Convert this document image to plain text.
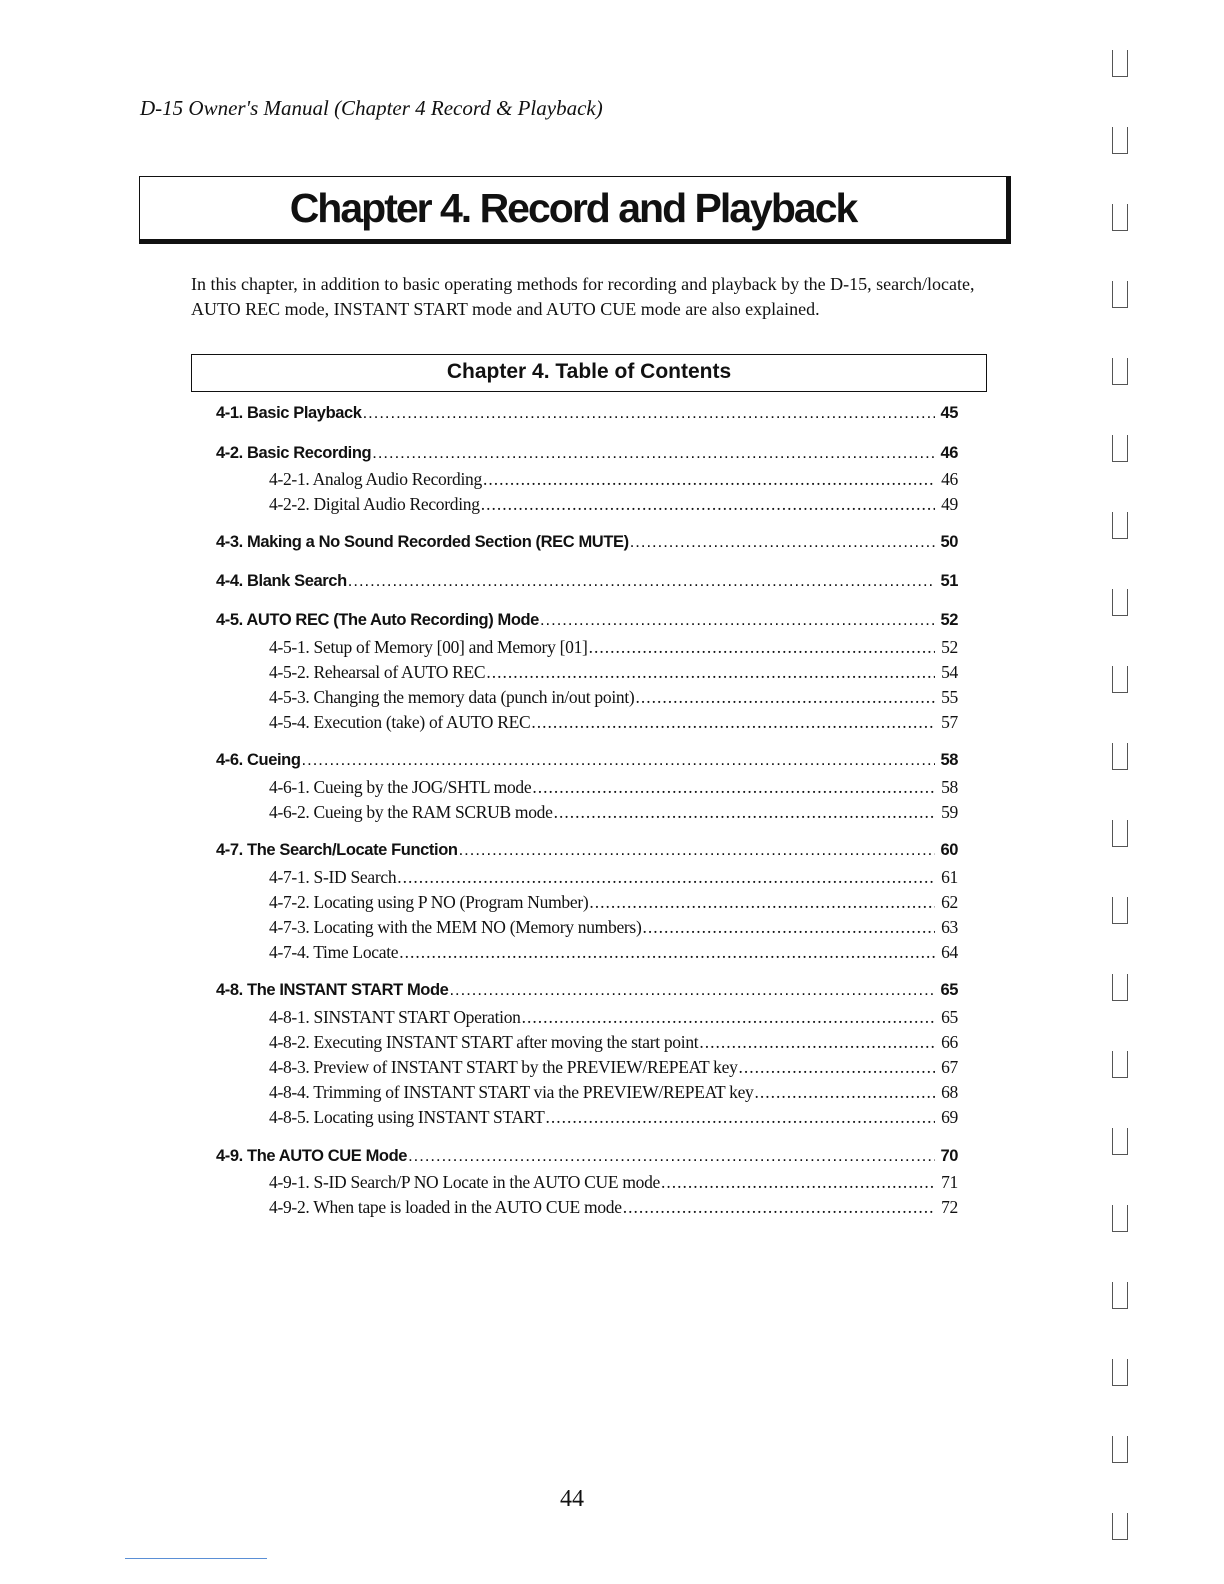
D-15 Owner's Manual (Chapter 4 Record & Playback)
Chapter 4. Record and Playback
In this chapter, in addition to basic operating methods for recording and playback by the D-15, search/locate, AUTO REC mode, INSTANT START mode and AUTO CUE mode are also explained.
Chapter 4. Table of Contents
4-1. Basic Playback .....	45
4-2. Basic Recording .....	46
4-2-1. Analog Audio Recording .....	46
4-2-2. Digital Audio Recording .....	49
4-3. Making a No Sound Recorded Section (REC MUTE) .....	50
4-4. Blank Search .....	51
4-5. AUTO REC (The Auto Recording) Mode .....	52
4-5-1. Setup of Memory [00] and Memory [01] .....	52
4-5-2. Rehearsal of AUTO REC .....	54
4-5-3. Changing the memory data (punch in/out point) .....	55
4-5-4. Execution (take) of AUTO REC .....	57
4-6. Cueing .....	58
4-6-1. Cueing by the JOG/SHTL mode .....	58
4-6-2. Cueing by the RAM SCRUB mode .....	59
4-7. The Search/Locate Function .....	60
4-7-1. S-ID Search .....	61
4-7-2. Locating using P NO (Program Number) .....	62
4-7-3. Locating with the MEM NO (Memory numbers) .....	63
4-7-4. Time Locate .....	64
4-8. The INSTANT START Mode .....	65
4-8-1. SINSTANT START Operation .....	65
4-8-2. Executing INSTANT START after moving the start point .....	66
4-8-3. Preview of INSTANT START by the PREVIEW/REPEAT key .....	67
4-8-4. Trimming of INSTANT START via the PREVIEW/REPEAT key .....	68
4-8-5. Locating using INSTANT START .....	69
4-9. The AUTO CUE Mode .....	70
4-9-1. S-ID Search/P NO Locate in the AUTO CUE mode .....	71
4-9-2. When tape is loaded in the AUTO CUE mode .....	72
44
